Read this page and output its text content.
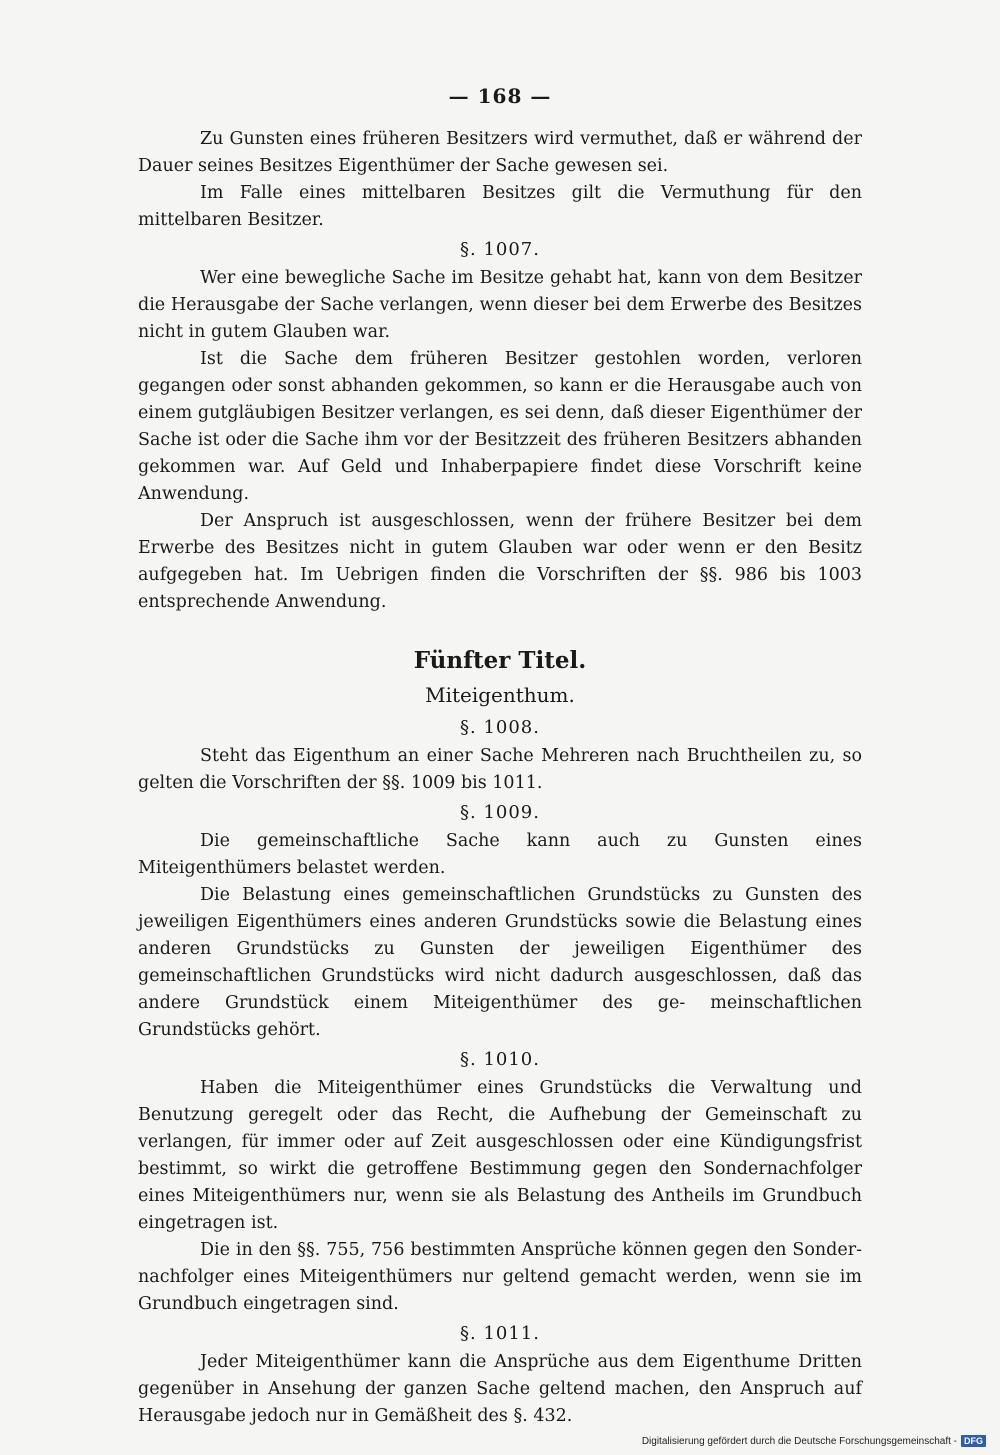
— 168 —

Zu Gunsten eines früheren Besitzers wird vermuthet, daß er während der Dauer seines Besitzes Eigenthümer der Sache gewesen sei.

Im Falle eines mittelbaren Besitzes gilt die Vermuthung für den mittelbaren Besitzer.

§. 1007.

Wer eine bewegliche Sache im Besitze gehabt hat, kann von dem Besitzer die Herausgabe der Sache verlangen, wenn dieser bei dem Erwerbe des Besitzes nicht in gutem Glauben war.

Ist die Sache dem früheren Besitzer gestohlen worden, verloren gegangen oder sonst abhanden gekommen, so kann er die Herausgabe auch von einem gutgläubigen Besitzer verlangen, es sei denn, daß dieser Eigenthümer der Sache ist oder die Sache ihm vor der Besitzzeit des früheren Besitzers abhanden gekommen war. Auf Geld und Inhaberpapiere findet diese Vorschrift keine Anwendung.

Der Anspruch ist ausgeschlossen, wenn der frühere Besitzer bei dem Erwerbe des Besitzes nicht in gutem Glauben war oder wenn er den Besitz aufgegeben hat. Im Uebrigen finden die Vorschriften der §§. 986 bis 1003 entsprechende Anwendung.

Fünfter Titel.
Miteigenthum.
§. 1008.

Steht das Eigenthum an einer Sache Mehreren nach Bruchtheilen zu, so gelten die Vorschriften der §§. 1009 bis 1011.

§. 1009.

Die gemeinschaftliche Sache kann auch zu Gunsten eines Miteigenthümers belastet werden.

Die Belastung eines gemeinschaftlichen Grundstücks zu Gunsten des jeweiligen Eigenthümers eines anderen Grundstücks sowie die Belastung eines anderen Grundstücks zu Gunsten der jeweiligen Eigenthümer des gemeinschaftlichen Grundstücks wird nicht dadurch ausgeschlossen, daß das andere Grundstück einem Miteigenthümer des ge- meinschaftlichen Grundstücks gehört.

§. 1010.

Haben die Miteigenthümer eines Grundstücks die Verwaltung und Benutzung geregelt oder das Recht, die Aufhebung der Gemeinschaft zu verlangen, für immer oder auf Zeit ausgeschlossen oder eine Kündigungsfrist bestimmt, so wirkt die getroffene Bestimmung gegen den Sondernachfolger eines Miteigenthümers nur, wenn sie als Belastung des Antheils im Grundbuch eingetragen ist.

Die in den §§. 755, 756 bestimmten Ansprüche können gegen den Sonder- nachfolger eines Miteigenthümers nur geltend gemacht werden, wenn sie im Grundbuch eingetragen sind.

§. 1011.

Jeder Miteigenthümer kann die Ansprüche aus dem Eigenthume Dritten gegenüber in Ansehung der ganzen Sache geltend machen, den Anspruch auf Herausgabe jedoch nur in Gemäßheit des §. 432.

Digitalisierung gefördert durch die Deutsche Forschungsgemeinschaft - DFG
